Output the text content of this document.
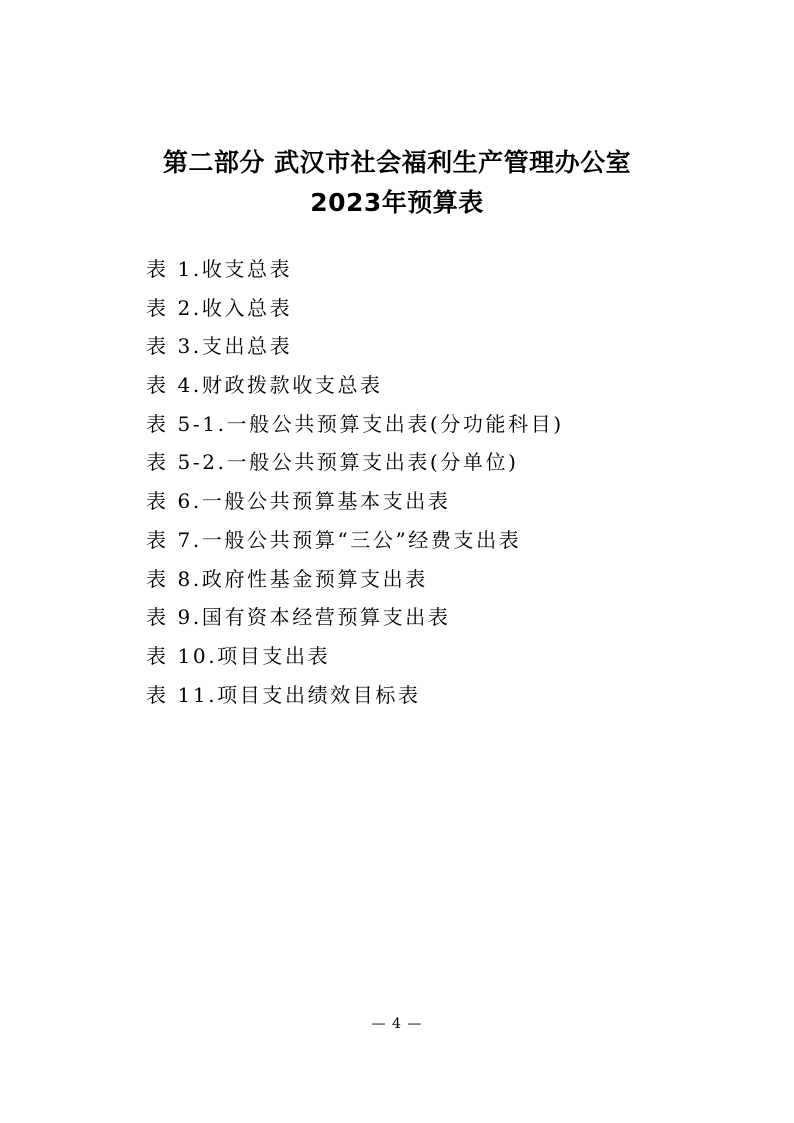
第二部分 武汉市社会福利生产管理办公室
2023年预算表
表 1.收支总表
表 2.收入总表
表 3.支出总表
表 4.财政拨款收支总表
表 5-1.一般公共预算支出表(分功能科目)
表 5-2.一般公共预算支出表(分单位)
表 6.一般公共预算基本支出表
表 7.一般公共预算“三公”经费支出表
表 8.政府性基金预算支出表
表 9.国有资本经营预算支出表
表 10.项目支出表
表 11.项目支出绩效目标表
— 4 —
